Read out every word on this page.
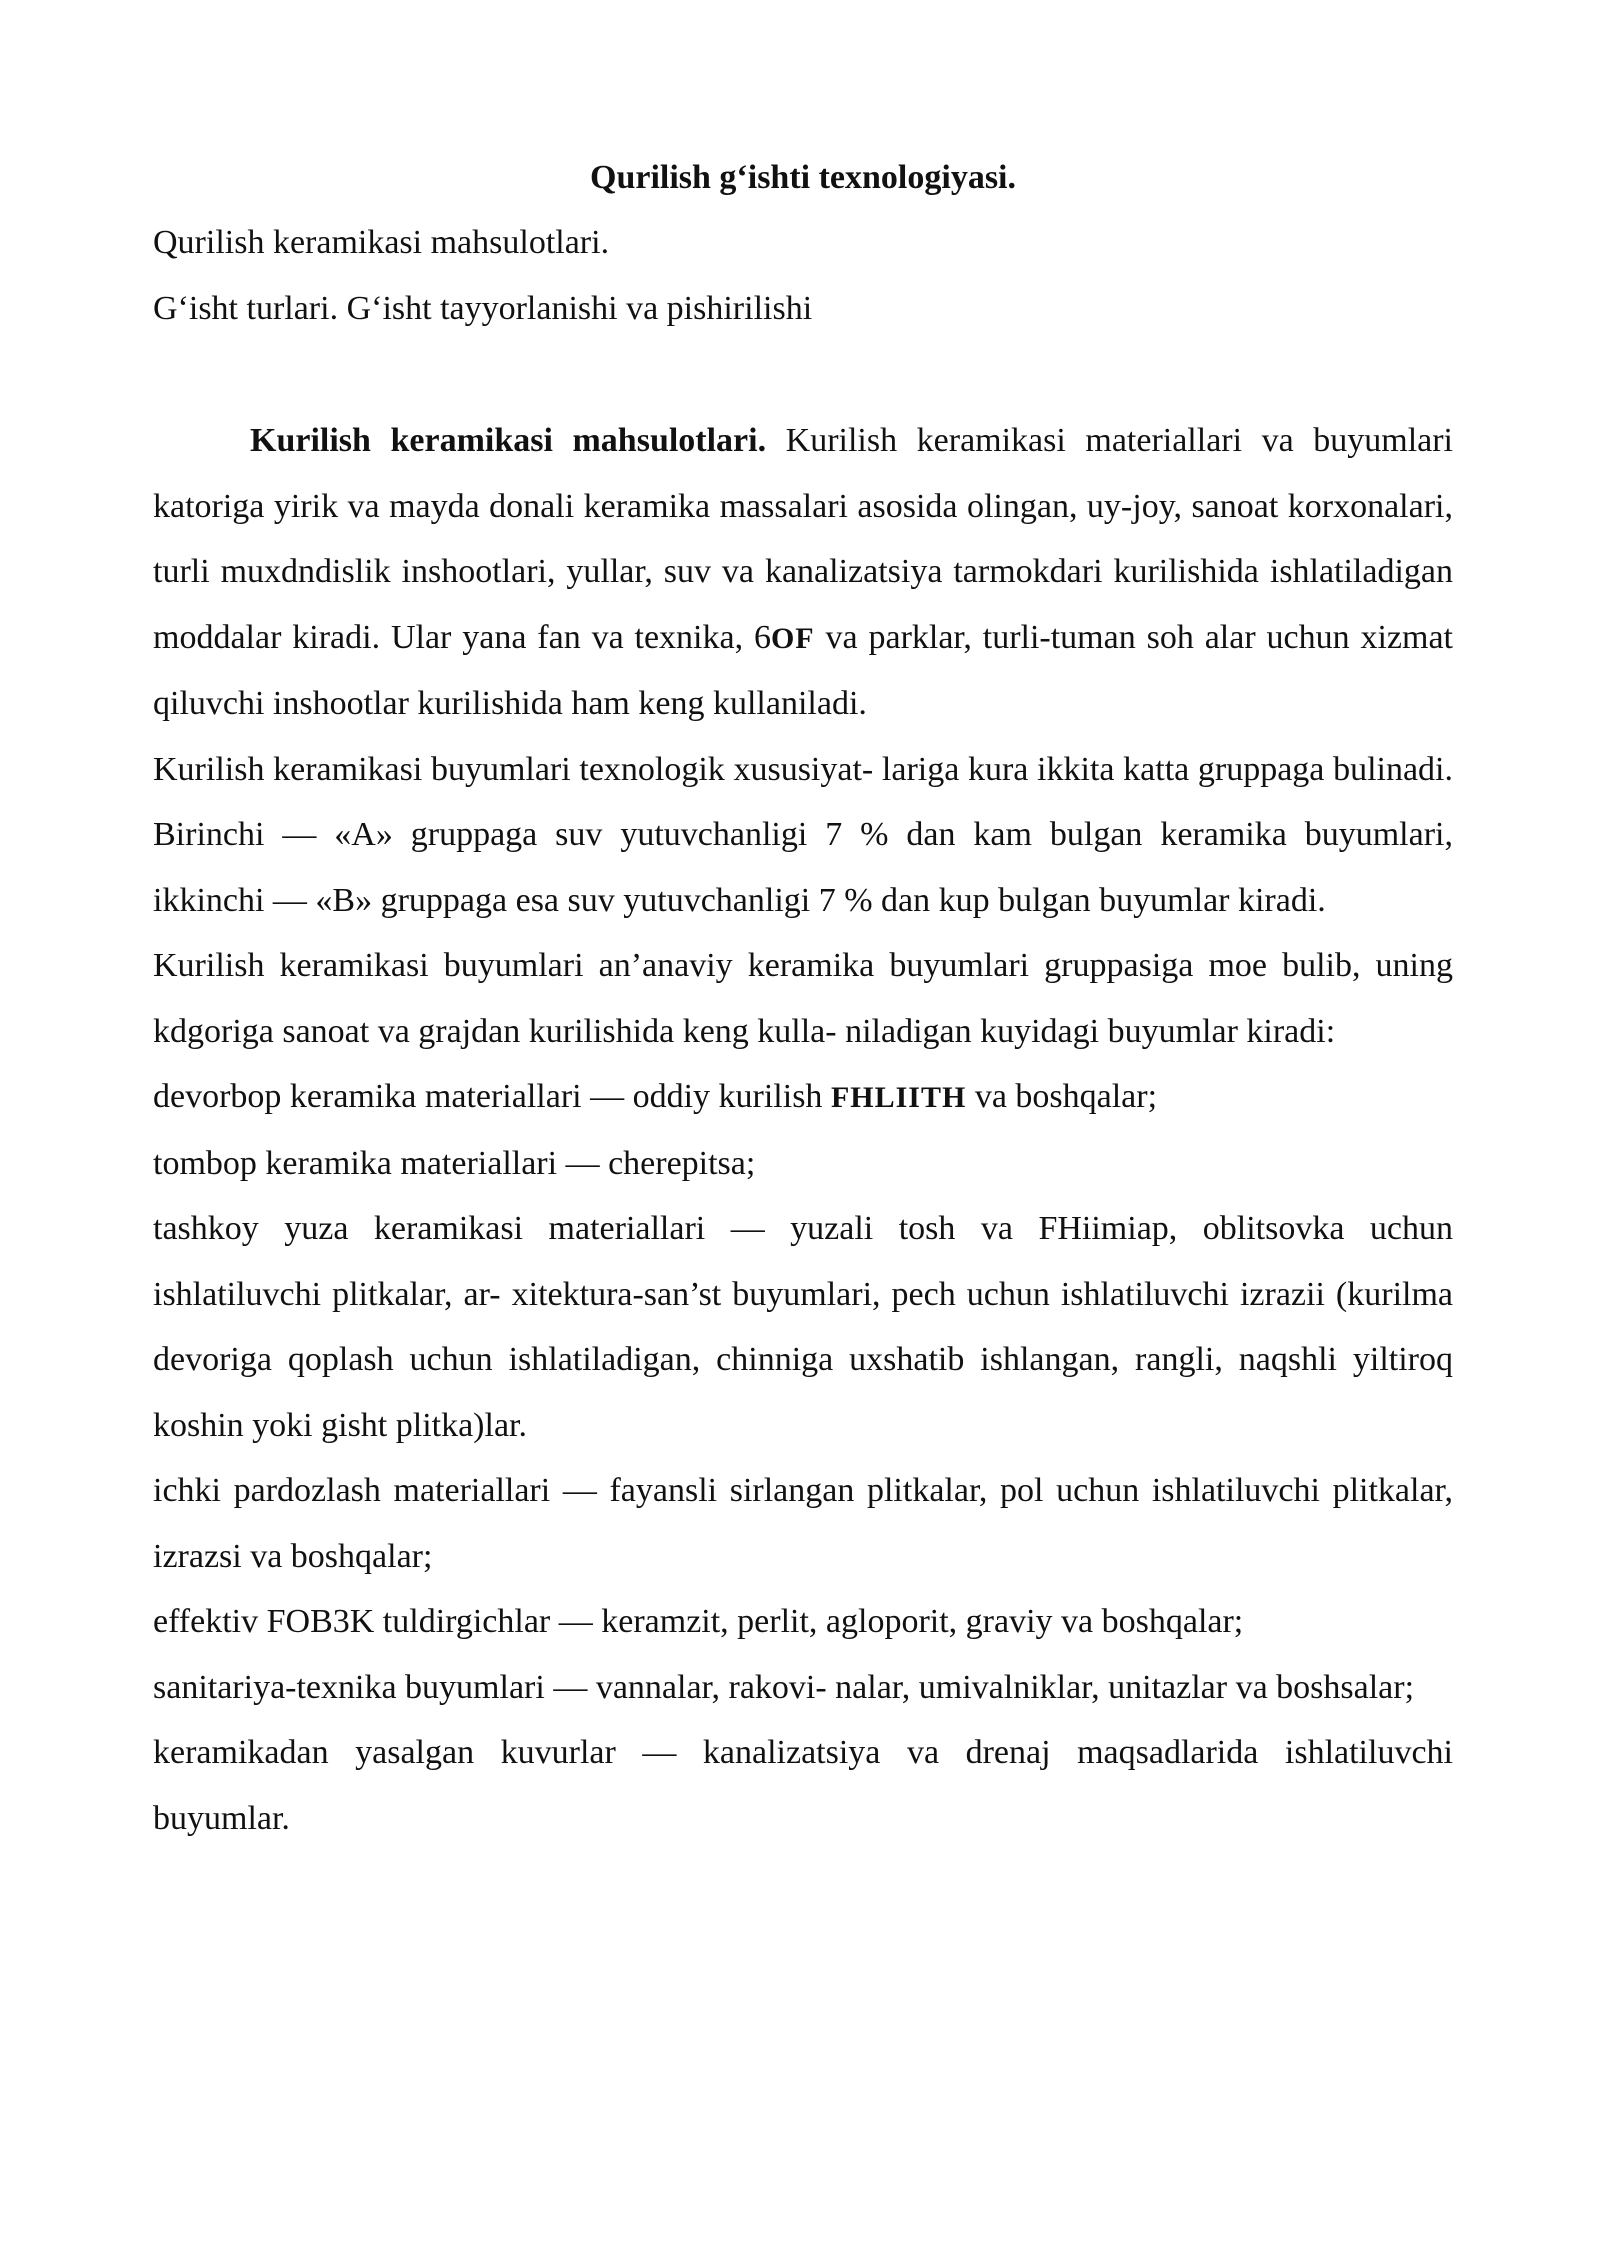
Qurilish g‘ishti texnologiyasi.
Qurilish keramikasi mahsulotlari.
G‘isht turlari. G‘isht tayyorlanishi va pishirilishi

Kurilish keramikasi mahsulotlari. Kurilish keramikasi materiallari va buyumlari katoriga yirik va mayda donali keramika massalari asosida olingan, uy-joy, sanoat korxonalari, turli muxdndislik inshootlari, yullar, suv va kanalizatsiya tarmokdari kurilishida ishlatiladigan moddalar kiradi. Ular yana fan va texnika, 6OF va parklar, turli-tuman soh alar uchun xizmat qiluvchi inshootlar kurilishida ham keng kullaniladi.

Kurilish keramikasi buyumlari texnologik xususiyat- lariga kura ikkita katta gruppaga bulinadi. Birinchi — «A» gruppaga suv yutuvchanligi 7 % dan kam bulgan keramika buyumlari, ikkinchi — «B» gruppaga esa suv yutuvchanligi 7 % dan kup bulgan buyumlar kiradi.

Kurilish keramikasi buyumlari an’anaviy keramika buyumlari gruppasiga moe bulib, uning kdgoriga sanoat va grajdan kurilishida keng kulla- niladigan kuyidagi buyumlar kiradi:

devorbop keramika materiallari — oddiy kurilish FHLIITH va boshqalar;

tombop keramika materiallari — cherepitsa;

tashkoy yuza keramikasi materiallari — yuzali tosh va FHiimiap, oblitsovka uchun ishlatiluvchi plitkalar, ar- xitektura-san’st buyumlari, pech uchun ishlatiluvchi izrazii (kurilma devoriga qoplash uchun ishlatiladigan, chinniga uxshatib ishlangan, rangli, naqshli yiltiroq koshin yoki gisht plitka)lar.

ichki pardozlash materiallari — fayansli sirlangan plitkalar, pol uchun ishlatiluvchi plitkalar, izrazsi va boshqalar;

effektiv FOB3K tuldirgichlar — keramzit, perlit, agloporit, graviy va boshqalar;

sanitariya-texnika buyumlari — vannalar, rakovi- nalar, umivalniklar, unitazlar va boshsalar;

keramikadan yasalgan kuvurlar — kanalizatsiya va drenaj maqsadlarida ishlatiluvchi buyumlar.
